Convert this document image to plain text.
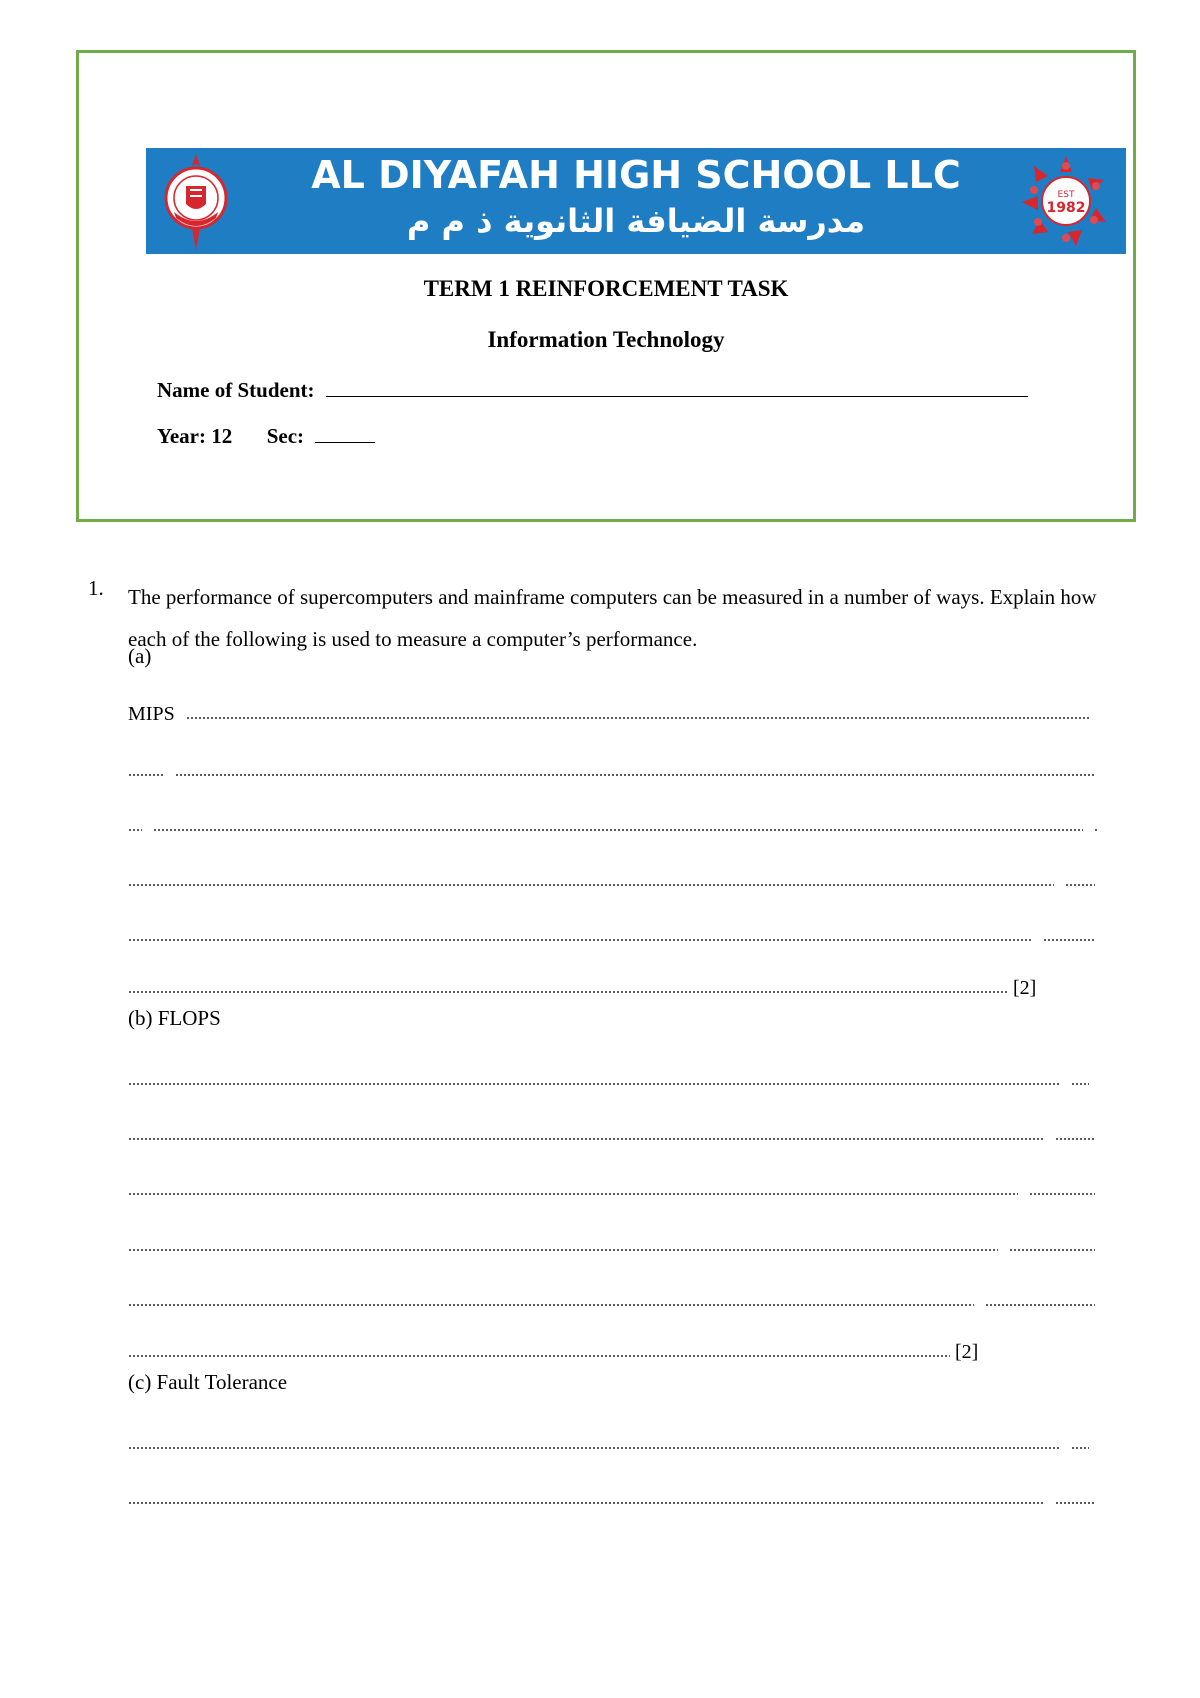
AL DIYAFAH HIGH SCHOOL LLC
مدرسة الضيافة الثانوية ذ م م
EST
1982
TERM 1 REINFORCEMENT TASK
Information Technology
Name of Student:
Year: 12 Sec:
1. The performance of supercomputers and mainframe computers can be measured in a number of ways. Explain how each of the following is used to measure a computer’s performance.
(a)
MIPS

[2]
(b) FLOPS

[2]
(c) Fault Tolerance
